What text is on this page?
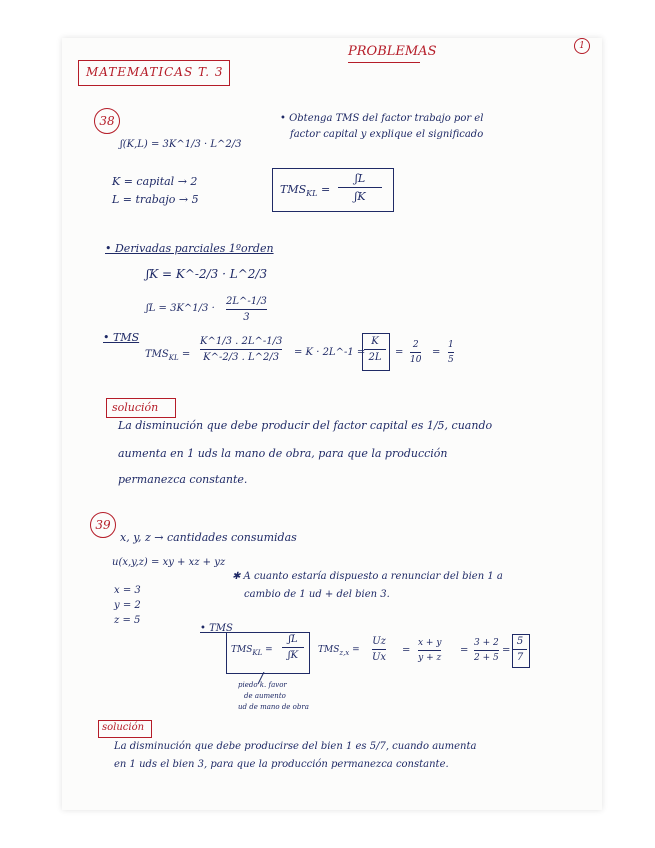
PROBLEMAS	1
MATEMATICAS T. 3
38
ʃ(K,L) = 3K^1/3 · L^2/3
• Obtenga TMS del factor trabajo por el
factor capital y explique el significado
K = capital → 2
L = trabajo → 5
$TMS_{KL}$ =
ʃL
ʃK
• Derivadas parciales 1ºorden
ʃK = K^-2/3 · L^2/3
ʃL = 3K^1/3 ·
2L^-1/3
3
• TMS
$TMS_{KL}$ =
K^1/3 . 2L^-1/3
K^-2/3 . L^2/3 = K · 2L^-1 =
K
2L =
2
10
=
1
5
solución
La disminución que debe producir del factor capital es 1/5, cuando
aumenta en 1 uds la mano de obra, para que la producción
permanezca constante.
39
x, y, z → cantidades consumidas
u(x,y,z) = xy + xz + yz
x = 3
y = 2
z = 5
✱ A cuanto estaría dispuesto a renunciar del bien 1 a
cambio de 1 ud + del bien 3.
• TMS
$TMS_{KL}$ =
ʃL
ʃK $TMS_{z,x}$ =
Uz
Ux
=
x + y
y + z
=
3 + 2
2 + 5
=
5
7
piedo k. favor
de aumento
ud de mano de obra
solución
La disminución que debe producirse del bien 1 es 5/7, cuando aumenta
en 1 uds el bien 3, para que la producción permanezca constante.
